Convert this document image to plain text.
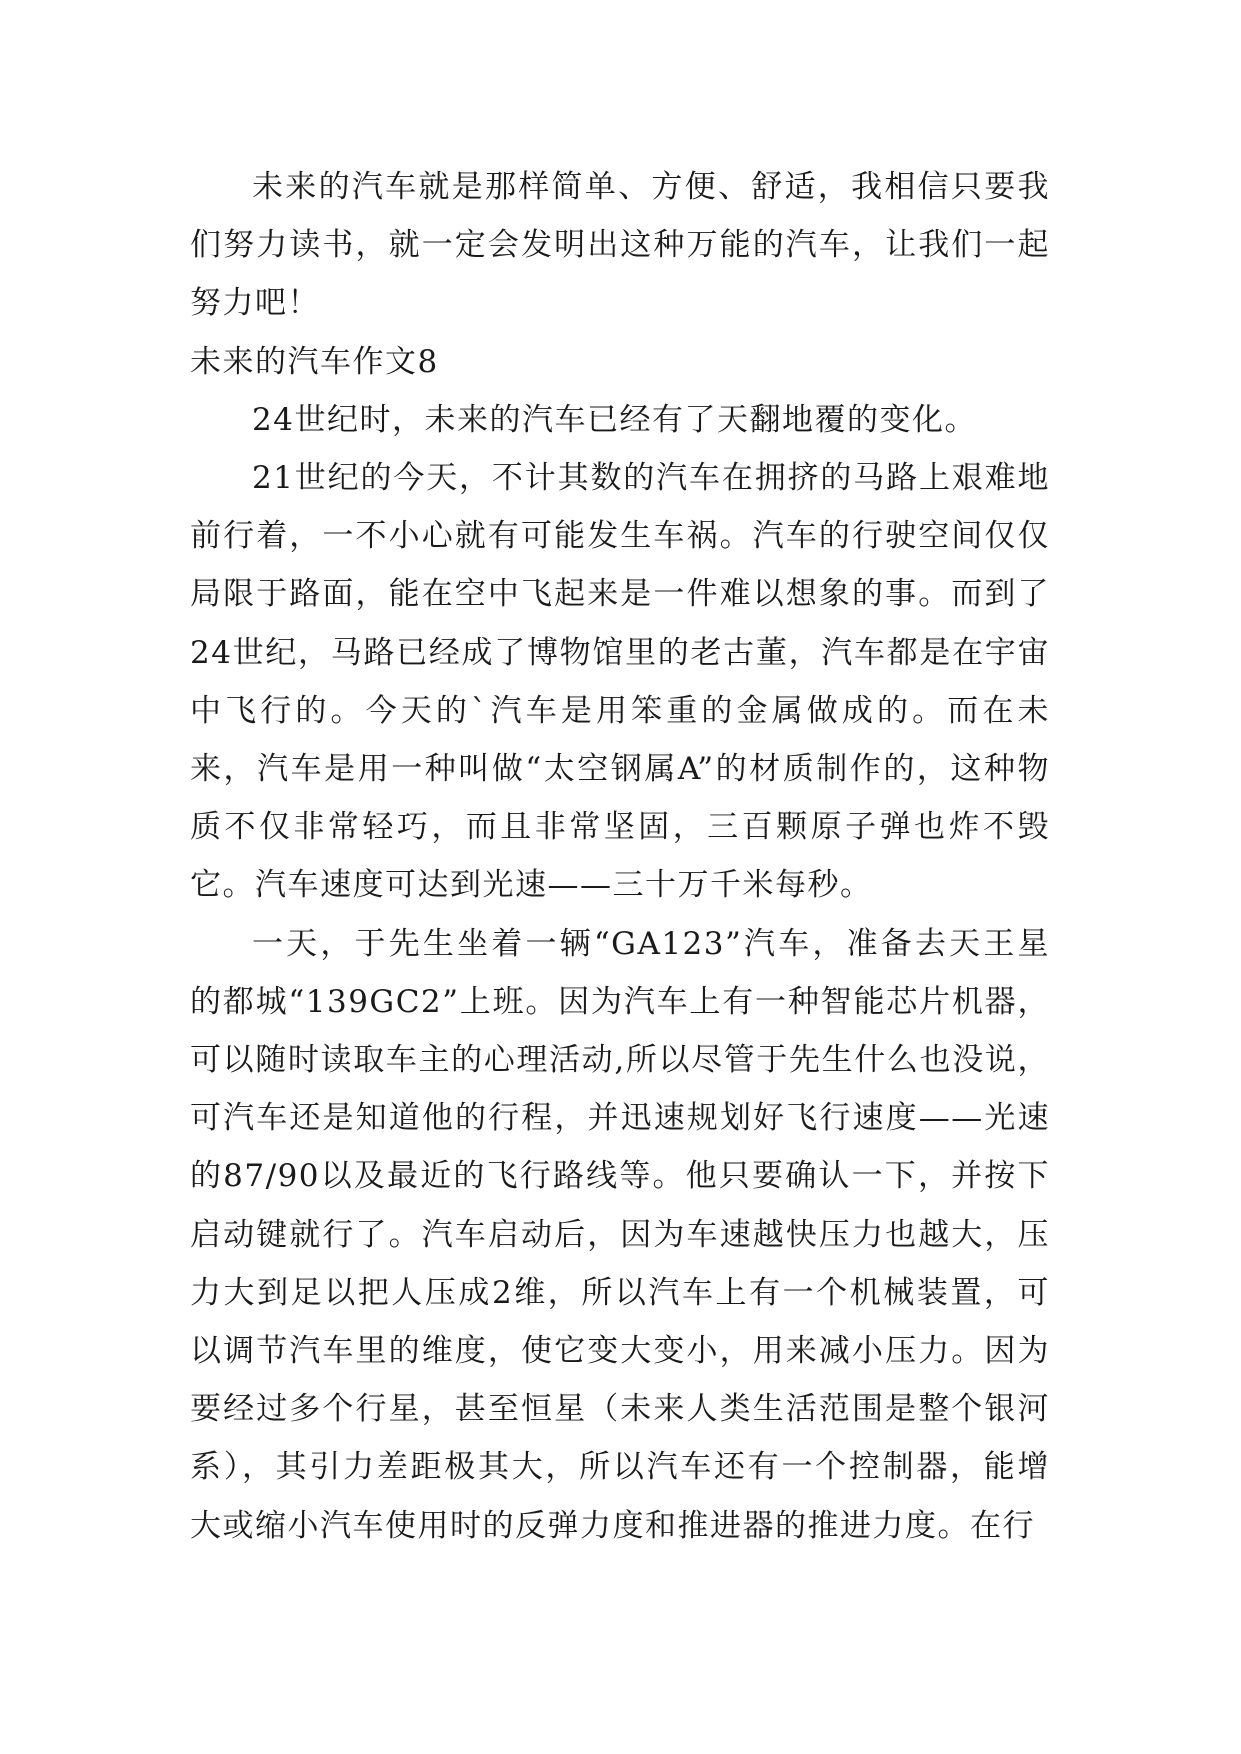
未来的汽车就是那样简单、方便、舒适，我相信只要我们努力读书，就一定会发明出这种万能的汽车，让我们一起努力吧！

未来的汽车作文8

24世纪时，未来的汽车已经有了天翻地覆的变化。

21世纪的今天，不计其数的汽车在拥挤的马路上艰难地前行着，一不小心就有可能发生车祸。汽车的行驶空间仅仅局限于路面，能在空中飞起来是一件难以想象的事。而到了24世纪，马路已经成了博物馆里的老古董，汽车都是在宇宙中飞行的。今天的`汽车是用笨重的金属做成的。而在未来，汽车是用一种叫做“太空钢属A”的材质制作的，这种物质不仅非常轻巧，而且非常坚固，三百颗原子弹也炸不毁它。汽车速度可达到光速——三十万千米每秒。

一天，于先生坐着一辆“GA123”汽车，准备去天王星的都城“139GC2”上班。因为汽车上有一种智能芯片机器，可以随时读取车主的心理活动,所以尽管于先生什么也没说，可汽车还是知道他的行程，并迅速规划好飞行速度——光速的87/90以及最近的飞行路线等。他只要确认一下，并按下启动键就行了。汽车启动后，因为车速越快压力也越大，压力大到足以把人压成2维，所以汽车上有一个机械装置，可以调节汽车里的维度，使它变大变小，用来减小压力。因为要经过多个行星，甚至恒星（未来人类生活范围是整个银河系），其引力差距极其大，所以汽车还有一个控制器，能增大或缩小汽车使用时的反弹力度和推进器的推进力度。在行
